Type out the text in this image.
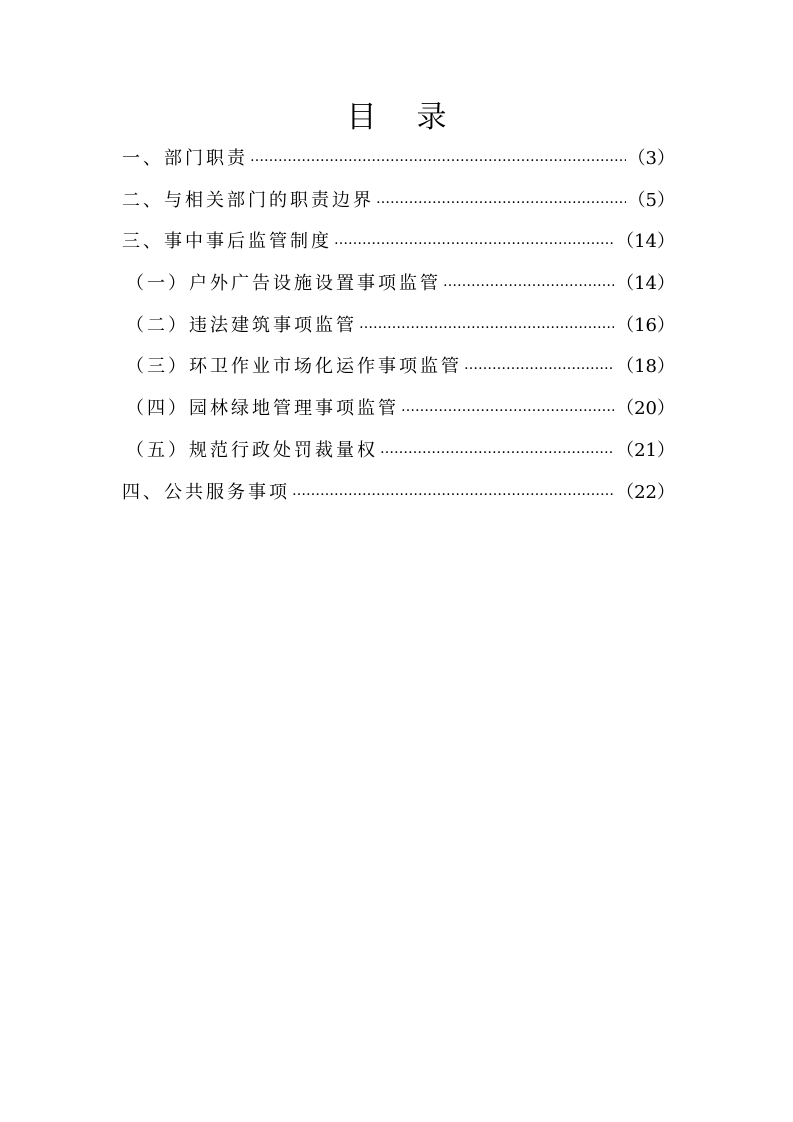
目 录
一、部门职责 ……………………………………………………………………………………………………………………………………	（3）
二、与相关部门的职责边界 ……………………………………………………………………………………………………………………………………	（5）
三、事中事后监管制度 ……………………………………………………………………………………………………………………………………	（14）
（一）户外广告设施设置事项监管 ……………………………………………………………………………………………………………………………………	（14）
（二）违法建筑事项监管 ……………………………………………………………………………………………………………………………………	（16）
（三）环卫作业市场化运作事项监管 ……………………………………………………………………………………………………………………………………	（18）
（四）园林绿地管理事项监管 ……………………………………………………………………………………………………………………………………	（20）
（五）规范行政处罚裁量权 ……………………………………………………………………………………………………………………………………	（21）
四、公共服务事项 ……………………………………………………………………………………………………………………………………	（22）
